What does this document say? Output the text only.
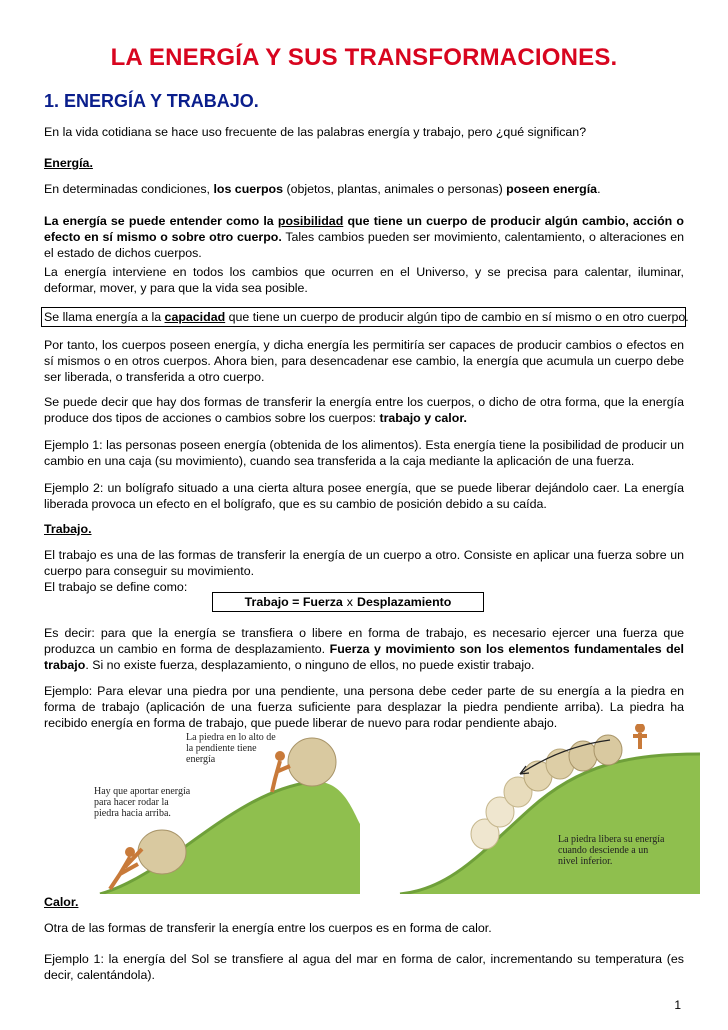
LA ENERGÍA Y SUS TRANSFORMACIONES.
1. ENERGÍA Y TRABAJO.
En la vida cotidiana se hace uso frecuente de las palabras energía y trabajo, pero ¿qué significan?
Energía.
En determinadas condiciones, los cuerpos (objetos, plantas, animales o personas) poseen energía.
La energía se puede entender como la posibilidad que tiene un cuerpo de producir algún cambio, acción o efecto en sí mismo o sobre otro cuerpo. Tales cambios pueden ser movimiento, calentamiento, o alteraciones en el estado de dichos cuerpos.
La energía interviene en todos los cambios que ocurren en el Universo, y se precisa para calentar, iluminar, deformar, mover, y para que la vida sea posible.
Se llama energía a la capacidad que tiene un cuerpo de producir algún tipo de cambio en sí mismo o en otro cuerpo.
Por tanto, los cuerpos poseen energía, y dicha energía les permitiría ser capaces de producir cambios o efectos en sí mismos o en otros cuerpos. Ahora bien, para desencadenar ese cambio, la energía que acumula un cuerpo debe ser liberada, o transferida a otro cuerpo.
Se puede decir que hay dos formas de transferir la energía entre los cuerpos, o dicho de otra forma, que la energía produce dos tipos de acciones o cambios sobre los cuerpos: trabajo y calor.
Ejemplo 1: las personas poseen energía (obtenida de los alimentos). Esta energía tiene la posibilidad de producir un cambio en una caja (su movimiento), cuando sea transferida a la caja mediante la aplicación de una fuerza.
Ejemplo 2: un bolígrafo situado a una cierta altura posee energía, que se puede liberar dejándolo caer. La energía liberada provoca un efecto en el bolígrafo, que es su cambio de posición debido a su caída.
Trabajo.
El trabajo es una de las formas de transferir la energía de un cuerpo a otro. Consiste en aplicar una fuerza sobre un cuerpo para conseguir su movimiento.
El trabajo se define como:
Trabajo = Fuerza x Desplazamiento
Es decir: para que la energía se transfiera o libere en forma de trabajo, es necesario ejercer una fuerza que produzca un cambio en forma de desplazamiento. Fuerza y movimiento son los elementos fundamentales del trabajo. Si no existe fuerza, desplazamiento, o ninguno de ellos, no puede existir trabajo.
Ejemplo: Para elevar una piedra por una pendiente, una persona debe ceder parte de su energía a la piedra en forma de trabajo (aplicación de una fuerza suficiente para desplazar la piedra pendiente arriba). La piedra ha recibido energía en forma de trabajo, que puede liberar de nuevo para rodar pendiente abajo.
La piedra en lo alto de la pendiente tiene energía
Hay que aportar energía para hacer rodar la piedra hacia arriba.
La piedra libera su energía cuando desciende a un nivel inferior.
Calor.
Otra de las formas de transferir la energía entre los cuerpos es en forma de calor.
Ejemplo 1: la energía del Sol se transfiere al agua del mar en forma de calor, incrementando su temperatura (es decir, calentándola).
1
